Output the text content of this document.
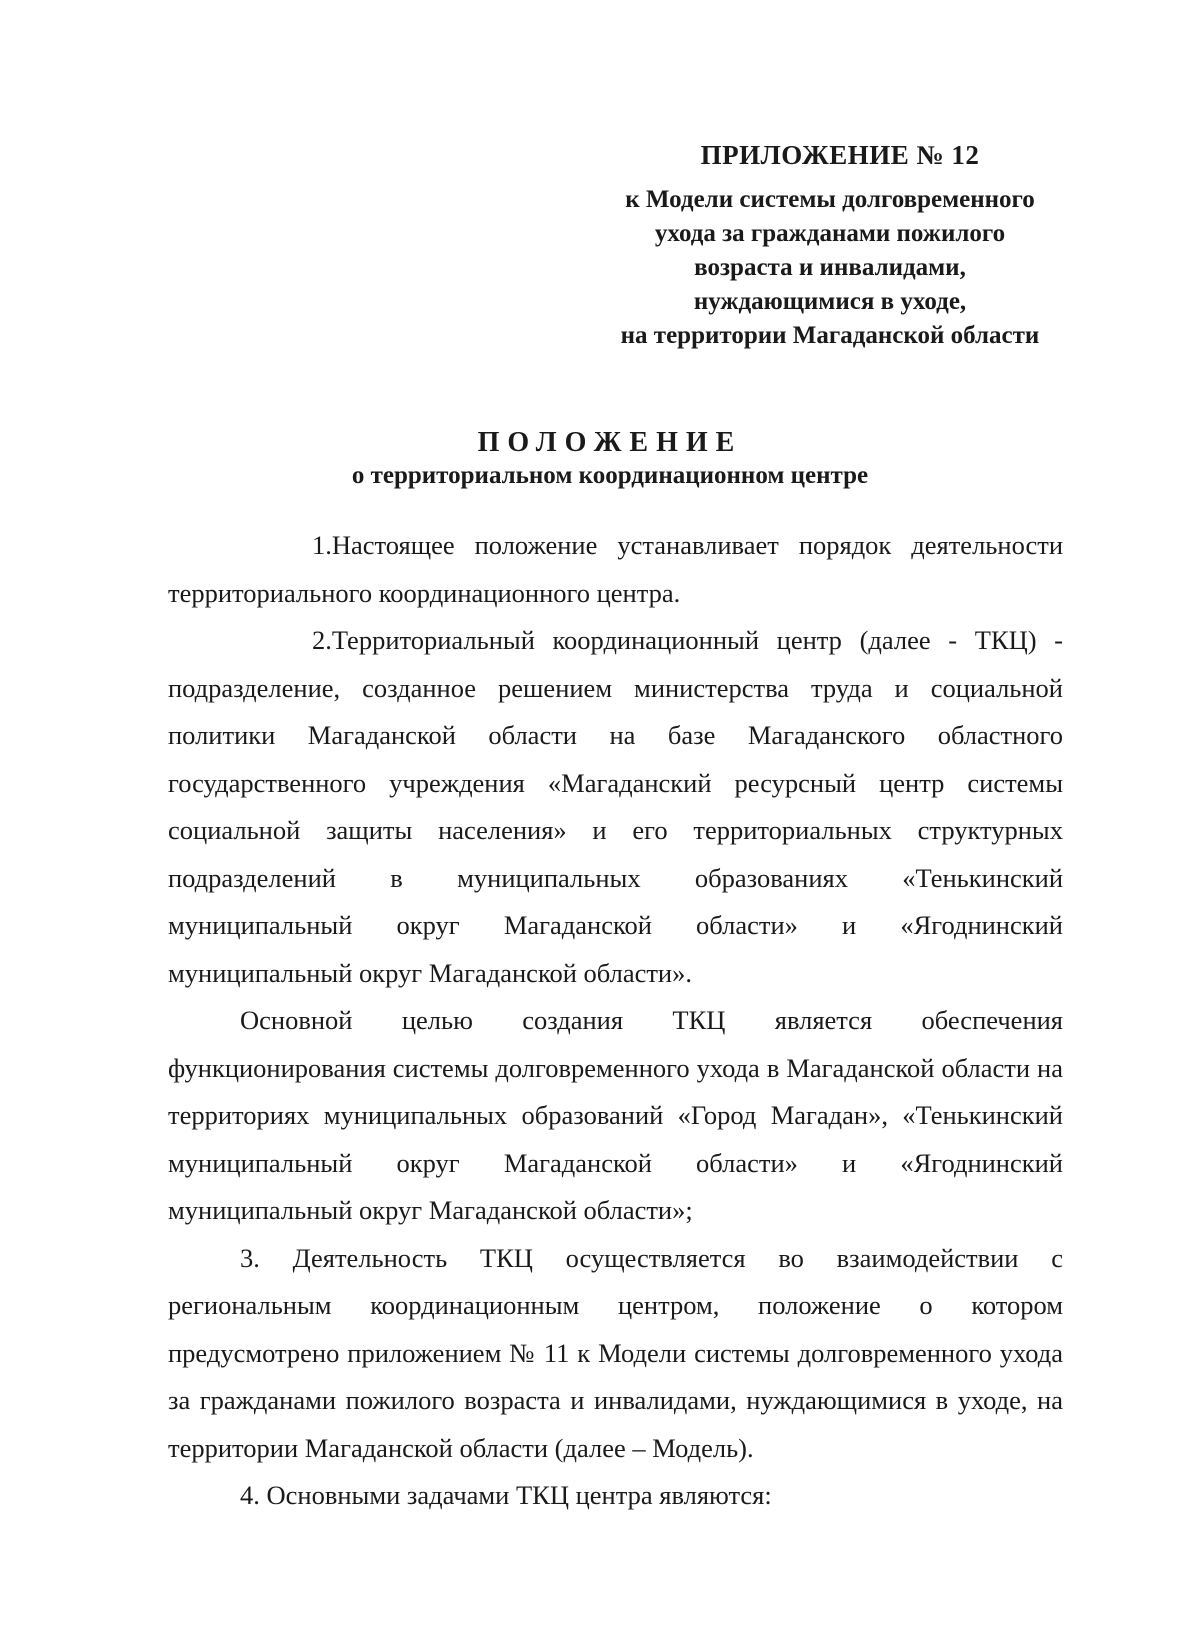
ПРИЛОЖЕНИЕ № 12
к Модели системы долговременного
ухода за гражданами пожилого
возраста и инвалидами,
нуждающимися в уходе,
на территории Магаданской области
ПОЛОЖЕНИЕ
о территориальном координационном центре

1.Настоящее положение устанавливает порядок деятельности территориального координационного центра.

2.Территориальный координационный центр (далее - ТКЦ) - подразделение, созданное решением министерства труда и социальной политики Магаданской области на базе Магаданского областного государственного учреждения «Магаданский ресурсный центр системы социальной защиты населения» и его территориальных структурных подразделений в муниципальных образованиях «Тенькинский муниципальный округ Магаданской области» и «Ягоднинский муниципальный округ Магаданской области».

Основной целью создания ТКЦ является обеспечения функционирования системы долговременного ухода в Магаданской области на территориях муниципальных образований «Город Магадан», «Тенькинский муниципальный округ Магаданской области» и «Ягоднинский муниципальный округ Магаданской области»;

3. Деятельность ТКЦ осуществляется во взаимодействии с региональным координационным центром, положение о котором предусмотрено приложением № 11 к Модели системы долговременного ухода за гражданами пожилого возраста и инвалидами, нуждающимися в уходе, на территории Магаданской области (далее – Модель).

4. Основными задачами ТКЦ центра являются:
